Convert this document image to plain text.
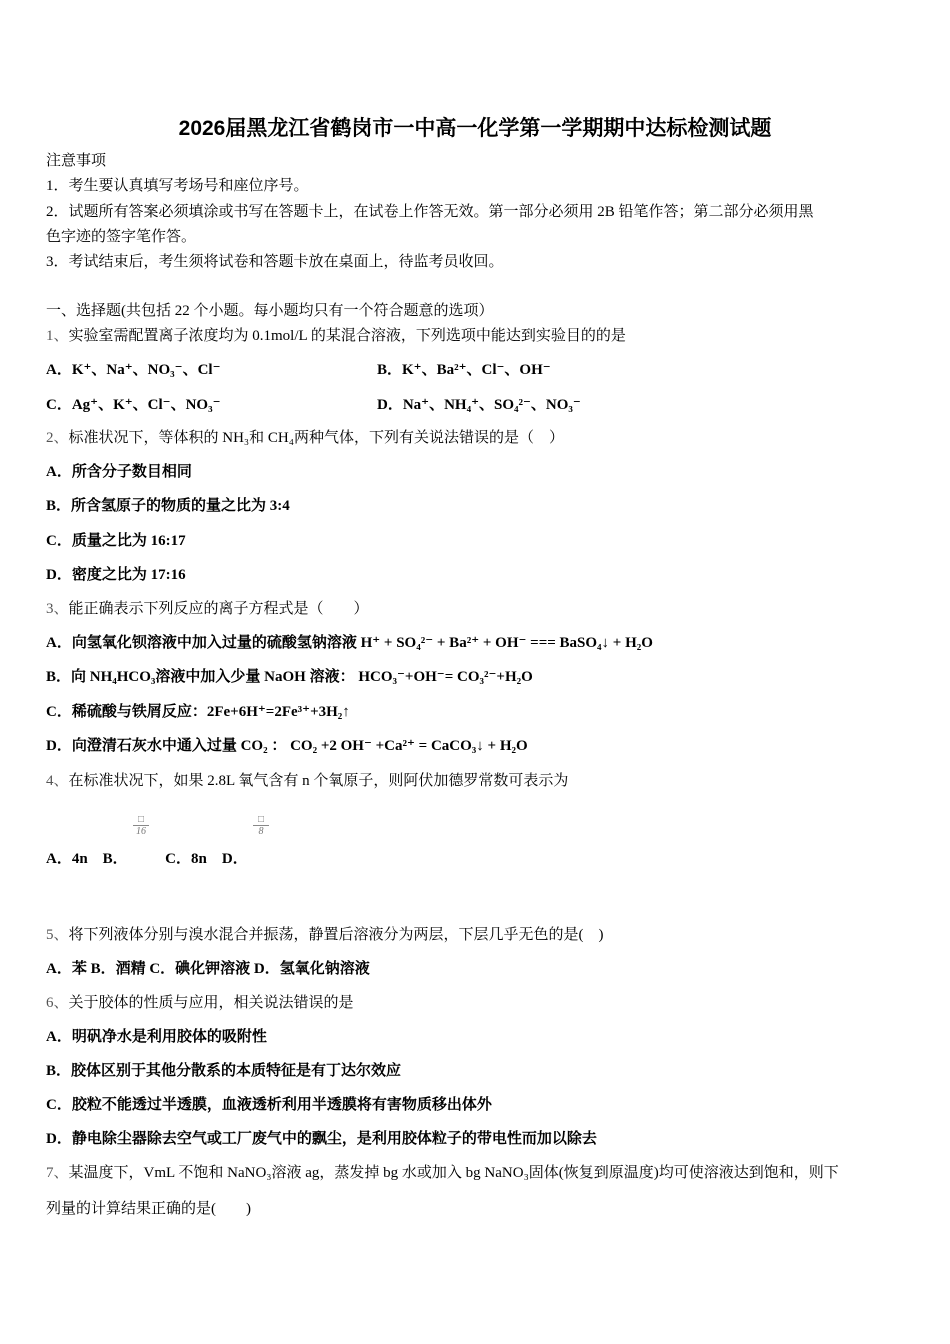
2026届黑龙江省鹤岗市一中高一化学第一学期期中达标检测试题
注意事项
1．考生要认真填写考场号和座位序号。
2．试题所有答案必须填涂或书写在答题卡上，在试卷上作答无效。第一部分必须用 2B 铅笔作答；第二部分必须用黑
色字迹的签字笔作答。
3．考试结束后，考生须将试卷和答题卡放在桌面上，待监考员收回。
一、选择题(共包括 22 个小题。每小题均只有一个符合题意的选项）
1、实验室需配置离子浓度均为 0.1mol/L 的某混合溶液，下列选项中能达到实验目的的是
A．K⁺、Na⁺、NO₃⁻、Cl⁻	B．K⁺、Ba²⁺、Cl⁻、OH⁻
C．Ag⁺、K⁺、Cl⁻、NO₃⁻	D．Na⁺、NH₄⁺、SO₄²⁻、NO₃⁻
2、标准状况下，等体积的 NH₃和 CH₄两种气体，下列有关说法错误的是（　）
A．所含分子数目相同
B．所含氢原子的物质的量之比为 3:4
C．质量之比为 16:17
D．密度之比为 17:16
3、能正确表示下列反应的离子方程式是（　　）
A．向氢氧化钡溶液中加入过量的硫酸氢钠溶液 H⁺ + SO₄²⁻ + Ba²⁺ + OH⁻ === BaSO₄↓ + H₂O
B．向 NH₄HCO₃溶液中加入少量 NaOH 溶液： HCO₃⁻+OH⁻= CO₃²⁻+H₂O
C．稀硫酸与铁屑反应：2Fe+6H⁺=2Fe³⁺+3H₂↑
D．向澄清石灰水中通入过量 CO₂ ： CO₂ +2 OH⁻ +Ca²⁺ = CaCO₃↓ + H₂O
4、在标准状况下，如果 2.8L 氧气含有 n 个氧原子，则阿伏加德罗常数可表示为
□
16
□
8
A．4n　B．　　　C．8n　D．
5、将下列液体分别与溴水混合并振荡，静置后溶液分为两层，下层几乎无色的是(　)
A．苯 B．酒精 C．碘化钾溶液 D．氢氧化钠溶液
6、关于胶体的性质与应用，相关说法错误的是
A．明矾净水是利用胶体的吸附性
B．胶体区别于其他分散系的本质特征是有丁达尔效应
C．胶粒不能透过半透膜，血液透析利用半透膜将有害物质移出体外
D．静电除尘器除去空气或工厂废气中的飘尘，是利用胶体粒子的带电性而加以除去
7、某温度下，VmL 不饱和 NaNO₃溶液 ag，蒸发掉 bg 水或加入 bg NaNO₃固体(恢复到原温度)均可使溶液达到饱和，则下
列量的计算结果正确的是(　　)
